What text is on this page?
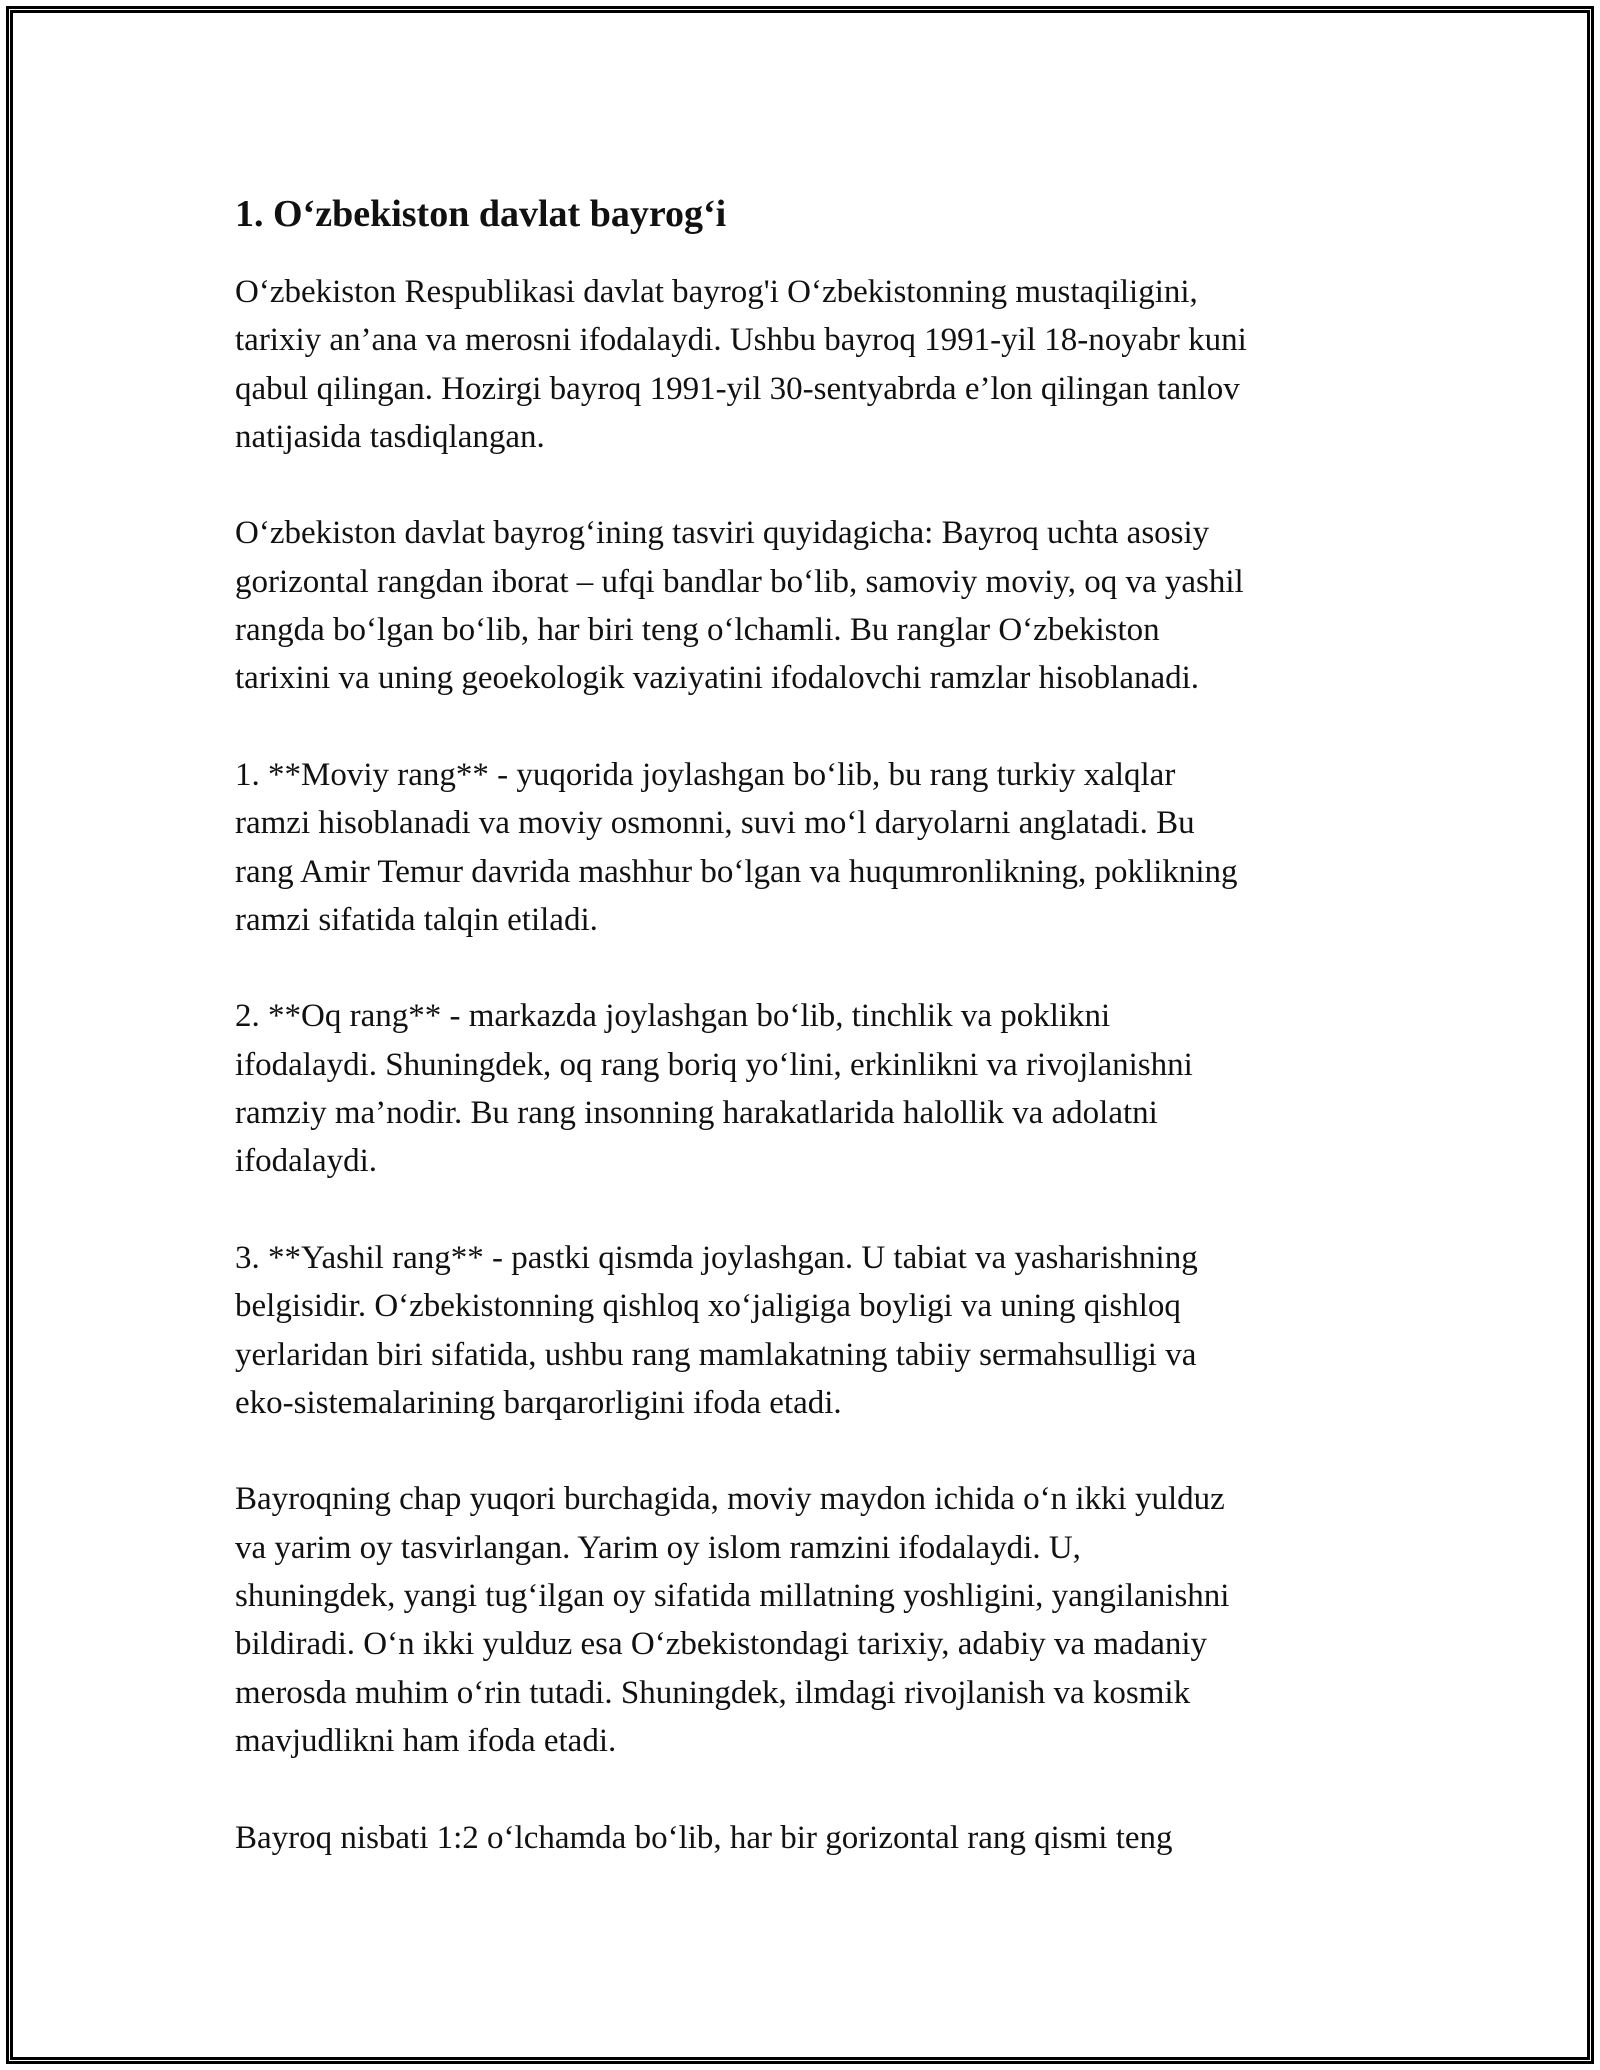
1. O‘zbekiston davlat bayrog‘i

O‘zbekiston Respublikasi davlat bayrog'i O‘zbekistonning mustaqiligini,
tarixiy an’ana va merosni ifodalaydi. Ushbu bayroq 1991-yil 18-noyabr kuni
qabul qilingan. Hozirgi bayroq 1991-yil 30-sentyabrda e’lon qilingan tanlov
natijasida tasdiqlangan.

O‘zbekiston davlat bayrog‘ining tasviri quyidagicha: Bayroq uchta asosiy
gorizontal rangdan iborat – ufqi bandlar bo‘lib, samoviy moviy, oq va yashil
rangda bo‘lgan bo‘lib, har biri teng o‘lchamli. Bu ranglar O‘zbekiston
tarixini va uning geoekologik vaziyatini ifodalovchi ramzlar hisoblanadi.

1. **Moviy rang** - yuqorida joylashgan bo‘lib, bu rang turkiy xalqlar
ramzi hisoblanadi va moviy osmonni, suvi mo‘l daryolarni anglatadi. Bu
rang Amir Temur davrida mashhur bo‘lgan va huqumronlikning, poklikning
ramzi sifatida talqin etiladi.

2. **Oq rang** - markazda joylashgan bo‘lib, tinchlik va poklikni
ifodalaydi. Shuningdek, oq rang boriq yo‘lini, erkinlikni va rivojlanishni
ramziy ma’nodir. Bu rang insonning harakatlarida halollik va adolatni
ifodalaydi.

3. **Yashil rang** - pastki qismda joylashgan. U tabiat va yasharishning
belgisidir. O‘zbekistonning qishloq xo‘jaligiga boyligi va uning qishloq
yerlaridan biri sifatida, ushbu rang mamlakatning tabiiy sermahsulligi va
eko-sistemalarining barqarorligini ifoda etadi.

Bayroqning chap yuqori burchagida, moviy maydon ichida o‘n ikki yulduz
va yarim oy tasvirlangan. Yarim oy islom ramzini ifodalaydi. U,
shuningdek, yangi tug‘ilgan oy sifatida millatning yoshligini, yangilanishni
bildiradi. O‘n ikki yulduz esa O‘zbekistondagi tarixiy, adabiy va madaniy
merosda muhim o‘rin tutadi. Shuningdek, ilmdagi rivojlanish va kosmik
mavjudlikni ham ifoda etadi.

Bayroq nisbati 1:2 o‘lchamda bo‘lib, har bir gorizontal rang qismi teng
